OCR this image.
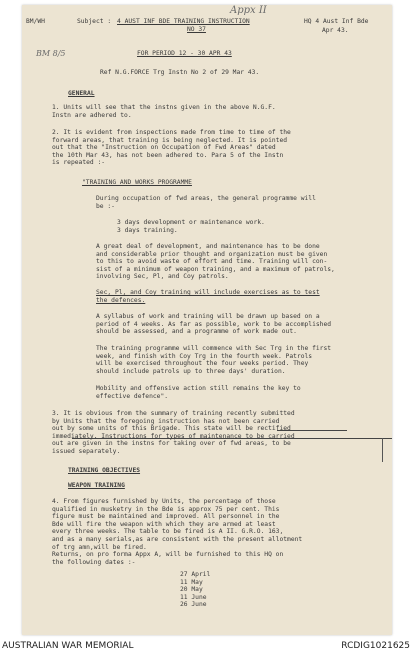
BM/WH
BM 8/5
Subject : 4 AUST INF BDE TRAINING INSTRUCTION
NO 37
Appx II
HQ 4 Aust Inf Bde
Apr 43.
FOR PERIOD 12 - 30 APR 43
Ref N.G.FORCE Trg Instn No 2 of 29 Mar 43.
GENERAL

1. Units will see that the instns given in the above N.G.F.

Instn are adhered to.

2. It is evident from inspections made from time to time of the

forward areas, that training is being neglected. It is pointed

out that the "Instruction on Occupation of Fwd Areas" dated

the 10th Mar 43, has not been adhered to. Para 5 of the Instn

is repeated :-

"TRAINING AND WORKS PROGRAMME

During occupation of fwd areas, the general programme will

be :-

3 days development or maintenance work.

3 days training.

A great deal of development, and maintenance has to be done

and considerable prior thought and organization must be given

to this to avoid waste of effort and time. Training will con-

sist of a minimum of weapon training, and a maximum of patrols,

involving Sec, Pl, and Coy patrols.

Sec, Pl, and Coy training will include exercises as to test

the defences.

A syllabus of work and training will be drawn up based on a

period of 4 weeks. As far as possible, work to be accomplished

should be assessed, and a programme of work made out.

The training programme will commence with Sec Trg in the first

week, and finish with Coy Trg in the fourth week. Patrols

will be exercised throughout the four weeks period. They

should include patrols up to three days' duration.

Mobility and offensive action still remains the key to

effective defence".

3. It is obvious from the summary of training recently submitted

by Units that the foregoing instruction has not been carried

out by some units of this Brigade. This state will be rectified

immediately. Instructions for types of maintenance to be carried

out are given in the instns for taking over of fwd areas, to be

issued separately.

TRAINING OBJECTIVES
WEAPON TRAINING

4. From figures furnished by Units, the percentage of those

qualified in musketry in the Bde is approx 75 per cent. This

figure must be maintained and improved. All personnel in the

Bde will fire the weapon with which they are armed at least

every three weeks. The table to be fired is A II. G.R.O. 163,

and as a many serials,as are consistent with the present allotment

of trg amn,will be fired.

Returns, on pro forma Appx A, will be furnished to this HQ on

the following dates :-

27 April

11 May

20 May

11 June

26 June

AUSTRALIAN WAR MEMORIAL	RCDIG1021625
